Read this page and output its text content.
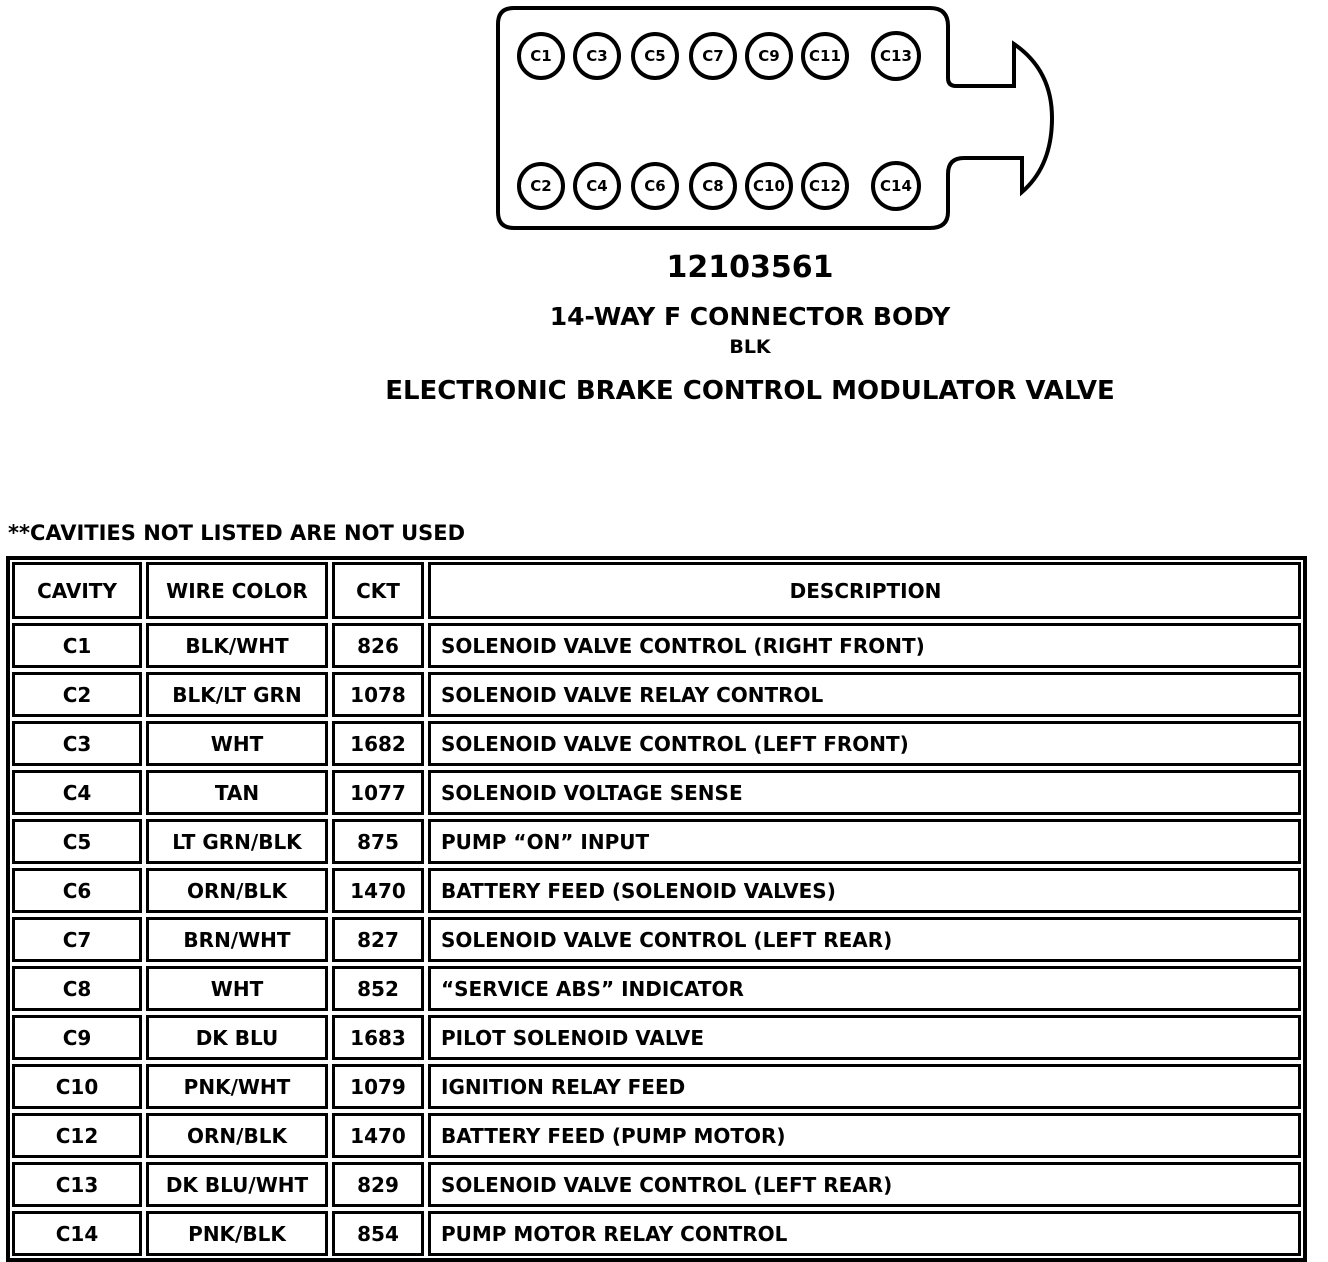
C1 C3 C5 C7 C9 C11	C13
C2 C4 C6 C8 C10 C12	C14
12103561
14-WAY F CONNECTOR BODY
BLK
ELECTRONIC BRAKE CONTROL MODULATOR VALVE
**CAVITIES NOT LISTED ARE NOT USED
CAVITY	WIRE COLOR	CKT	DESCRIPTION
C1	BLK/WHT	826	SOLENOID VALVE CONTROL (RIGHT FRONT)
C2	BLK/LT GRN	1078	SOLENOID VALVE RELAY CONTROL
C3	WHT	1682	SOLENOID VALVE CONTROL (LEFT FRONT)
C4	TAN	1077	SOLENOID VOLTAGE SENSE
C5	LT GRN/BLK	875	PUMP “ON” INPUT
C6	ORN/BLK	1470	BATTERY FEED (SOLENOID VALVES)
C7	BRN/WHT	827	SOLENOID VALVE CONTROL (LEFT REAR)
C8	WHT	852	“SERVICE ABS” INDICATOR
C9	DK BLU	1683	PILOT SOLENOID VALVE
C10	PNK/WHT	1079	IGNITION RELAY FEED
C12	ORN/BLK	1470	BATTERY FEED (PUMP MOTOR)
C13	DK BLU/WHT	829	SOLENOID VALVE CONTROL (LEFT REAR)
C14	PNK/BLK	854	PUMP MOTOR RELAY CONTROL
